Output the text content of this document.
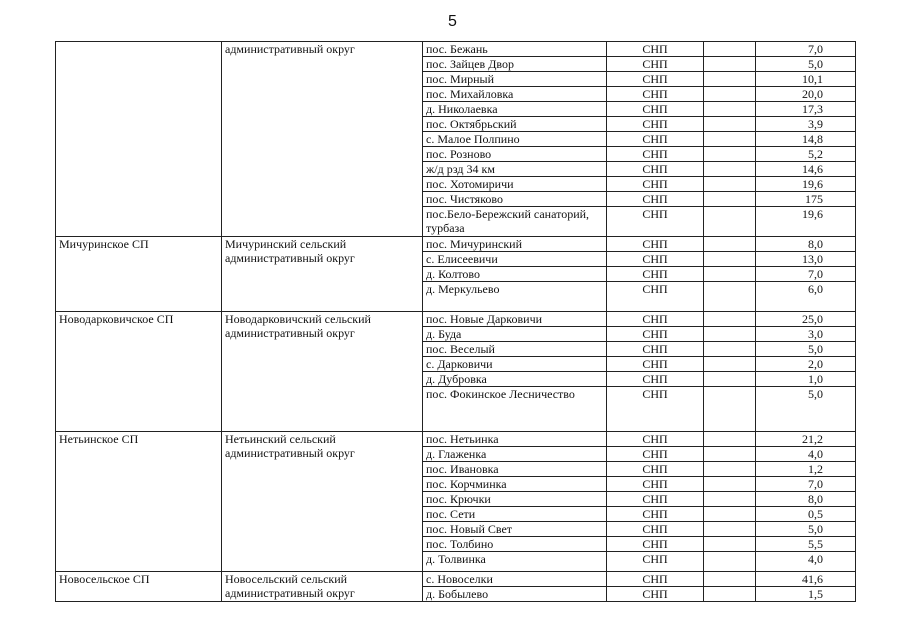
5
	административный округ	пос. Бежань	СНП		7,0
		пос. Зайцев Двор	СНП		5,0
		пос. Мирный	СНП		10,1
		пос. Михайловка	СНП		20,0
		д. Николаевка	СНП		17,3
		пос. Октябрьский	СНП		3,9
		с. Малое Полпино	СНП		14,8
		пос. Розново	СНП		5,2
		ж/д рзд 34 км	СНП		14,6
		пос. Хотомиричи	СНП		19,6
		пос. Чистяково	СНП		175
		пос.Бело-Бережский санаторий, турбаза	СНП		19,6
Мичуринское СП	Мичуринский сельский административный округ	пос. Мичуринский	СНП		8,0
		с. Елисеевичи	СНП		13,0
		д. Колтово	СНП		7,0
		д. Меркульево	СНП		6,0
Новодарковичское СП	Новодарковичский сельский административный округ	пос. Новые Дарковичи	СНП		25,0
		д. Буда	СНП		3,0
		пос. Веселый	СНП		5,0
		с. Дарковичи	СНП		2,0
		д. Дубровка	СНП		1,0
		пос. Фокинское Лесничество	СНП		5,0
Нетьинское СП	Нетьинский сельский административный округ	пос. Нетьинка	СНП		21,2
		д. Глаженка	СНП		4,0
		пос. Ивановка	СНП		1,2
		пос. Корчминка	СНП		7,0
		пос. Крючки	СНП		8,0
		пос. Сети	СНП		0,5
		пос. Новый Свет	СНП		5,0
		пос. Толбино	СНП		5,5
		д. Толвинка	СНП		4,0
Новосельское СП	Новосельский сельский административный округ	с. Новоселки	СНП		41,6
		д. Бобылево	СНП		1,5
